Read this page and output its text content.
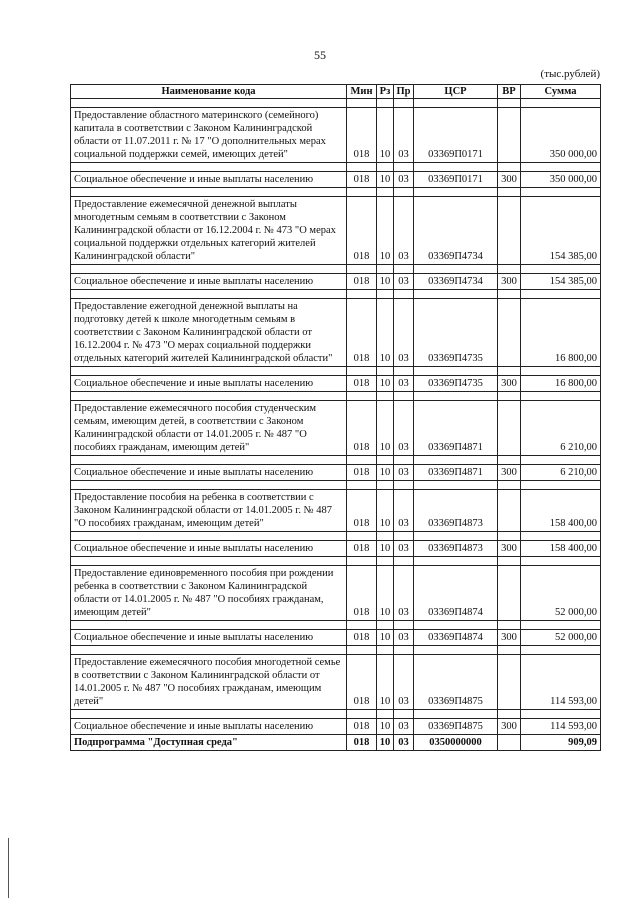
55
(тыс.рублей)
Наименование кода	Мин	Рз	Пр	ЦСР	ВР	Сумма

Предоставление областного материнского (семейного) капитала в соответствии с Законом Калининградской области от 11.07.2011 г. № 17 "О дополнительных мерах социальной поддержки семей, имеющих детей"	018	10	03	03369П0171		350 000,00

Социальное обеспечение и иные выплаты населению	018	10	03	03369П0171	300	350 000,00

Предоставление ежемесячной денежной выплаты многодетным семьям в соответствии с Законом Калининградской области от 16.12.2004 г. № 473 "О мерах социальной поддержки отдельных категорий жителей Калининградской области"	018	10	03	03369П4734		154 385,00

Социальное обеспечение и иные выплаты населению	018	10	03	03369П4734	300	154 385,00

Предоставление ежегодной денежной выплаты на подготовку детей к школе многодетным семьям в соответствии с Законом Калининградской области от 16.12.2004 г. № 473 "О мерах социальной поддержки отдельных категорий жителей Калининградской области"	018	10	03	03369П4735		16 800,00

Социальное обеспечение и иные выплаты населению	018	10	03	03369П4735	300	16 800,00

Предоставление ежемесячного пособия студенческим семьям, имеющим детей, в соответствии с Законом Калининградской области от 14.01.2005 г. № 487 "О пособиях гражданам, имеющим детей"	018	10	03	03369П4871		6 210,00

Социальное обеспечение и иные выплаты населению	018	10	03	03369П4871	300	6 210,00

Предоставление пособия на ребенка в соответствии с Законом Калининградской области от 14.01.2005 г. № 487 "О пособиях гражданам, имеющим детей"	018	10	03	03369П4873		158 400,00

Социальное обеспечение и иные выплаты населению	018	10	03	03369П4873	300	158 400,00

Предоставление единовременного пособия при рождении ребенка в соответствии с Законом Калининградской области от 14.01.2005 г. № 487 "О пособиях гражданам, имеющим детей"	018	10	03	03369П4874		52 000,00

Социальное обеспечение и иные выплаты населению	018	10	03	03369П4874	300	52 000,00

Предоставление ежемесячного пособия многодетной семье в соответствии с Законом Калининградской области от 14.01.2005 г. № 487 "О пособиях гражданам, имеющим детей"	018	10	03	03369П4875		114 593,00

Социальное обеспечение и иные выплаты населению	018	10	03	03369П4875	300	114 593,00
Подпрограмма "Доступная среда"	018	10	03	0350000000		909,09
